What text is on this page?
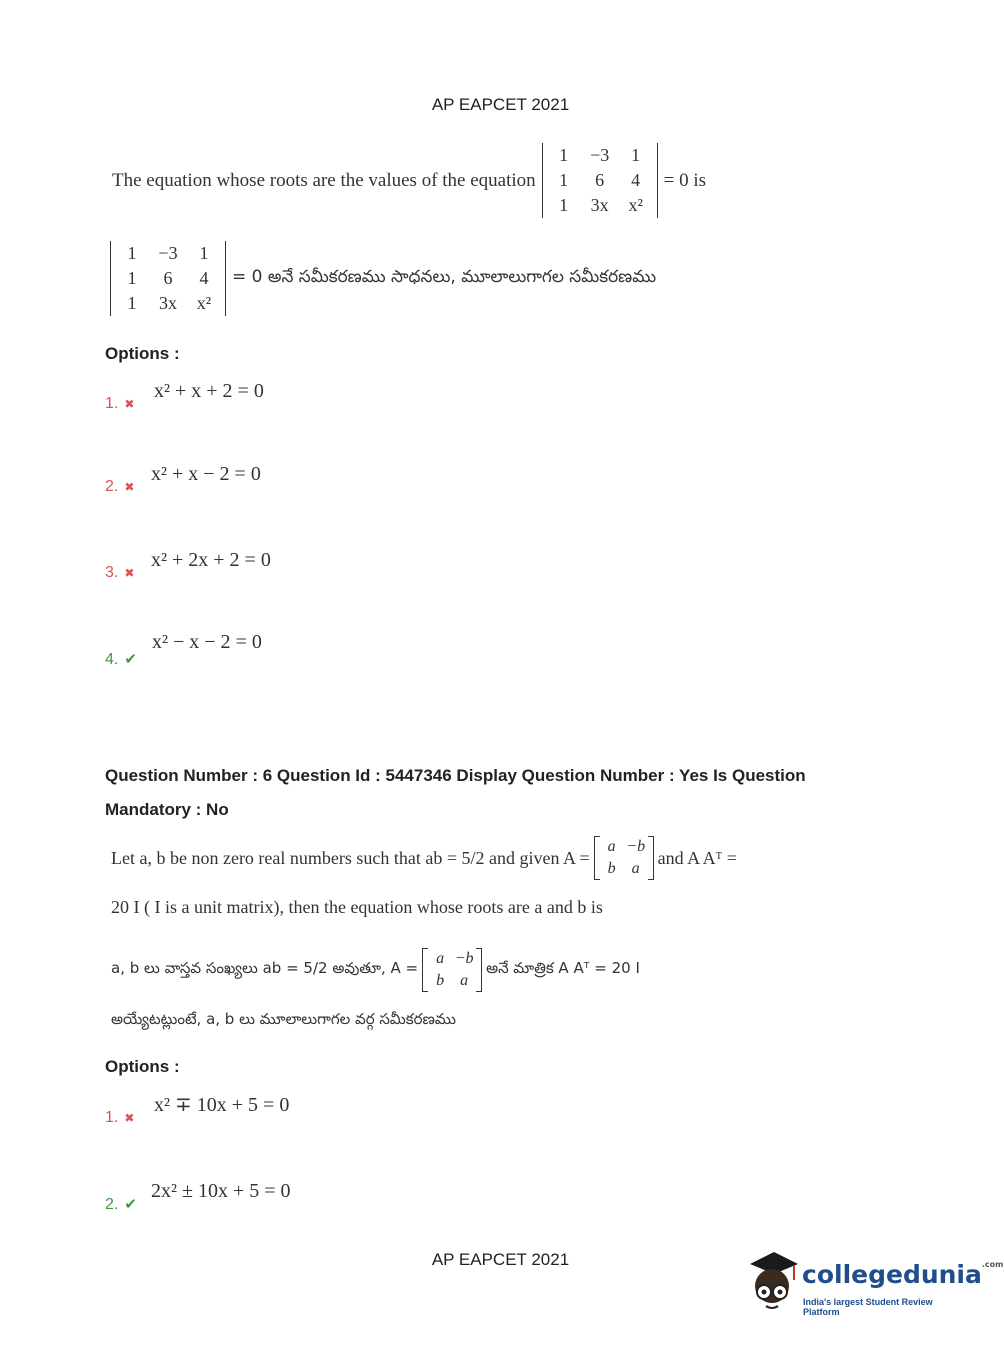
AP EAPCET 2021
The equation whose roots are the values of the equation
1	−3	1
1	6	4
1	3x	x²
= 0 is
1	−3	1
1	6	4
1	3x	x²
= 0 అనే సమీకరణము సాధనలు, మూలాలుగాగల సమీకరణము
Options :
1. ✖
x² + x + 2 = 0
2. ✖
x² + x − 2 = 0
3. ✖
x² + 2x + 2 = 0
4. ✔
x² − x − 2 = 0
Question Number : 6 Question Id : 5447346 Display Question Number : Yes Is Question
Mandatory : No
Let a, b be non zero real numbers such that ab = 5/2 and given A =
a −b
b	a
and A Aᵀ =
20 I ( I is a unit matrix), then the equation whose roots are a and b is
a, b లు వాస్తవ సంఖ్యలు ab = 5/2 అవుతూ, A =
a −b
b	a
అనే మాత్రిక A Aᵀ = 20 I
అయ్యేటట్లుంటే, a, b లు మూలాలుగాగల వర్గ సమీకరణము
Options :
1. ✖
x² ∓ 10x + 5 = 0
2. ✔
2x² ± 10x + 5 = 0
AP EAPCET 2021
collegedunia$^{.com}$
India's largest Student Review Platform
